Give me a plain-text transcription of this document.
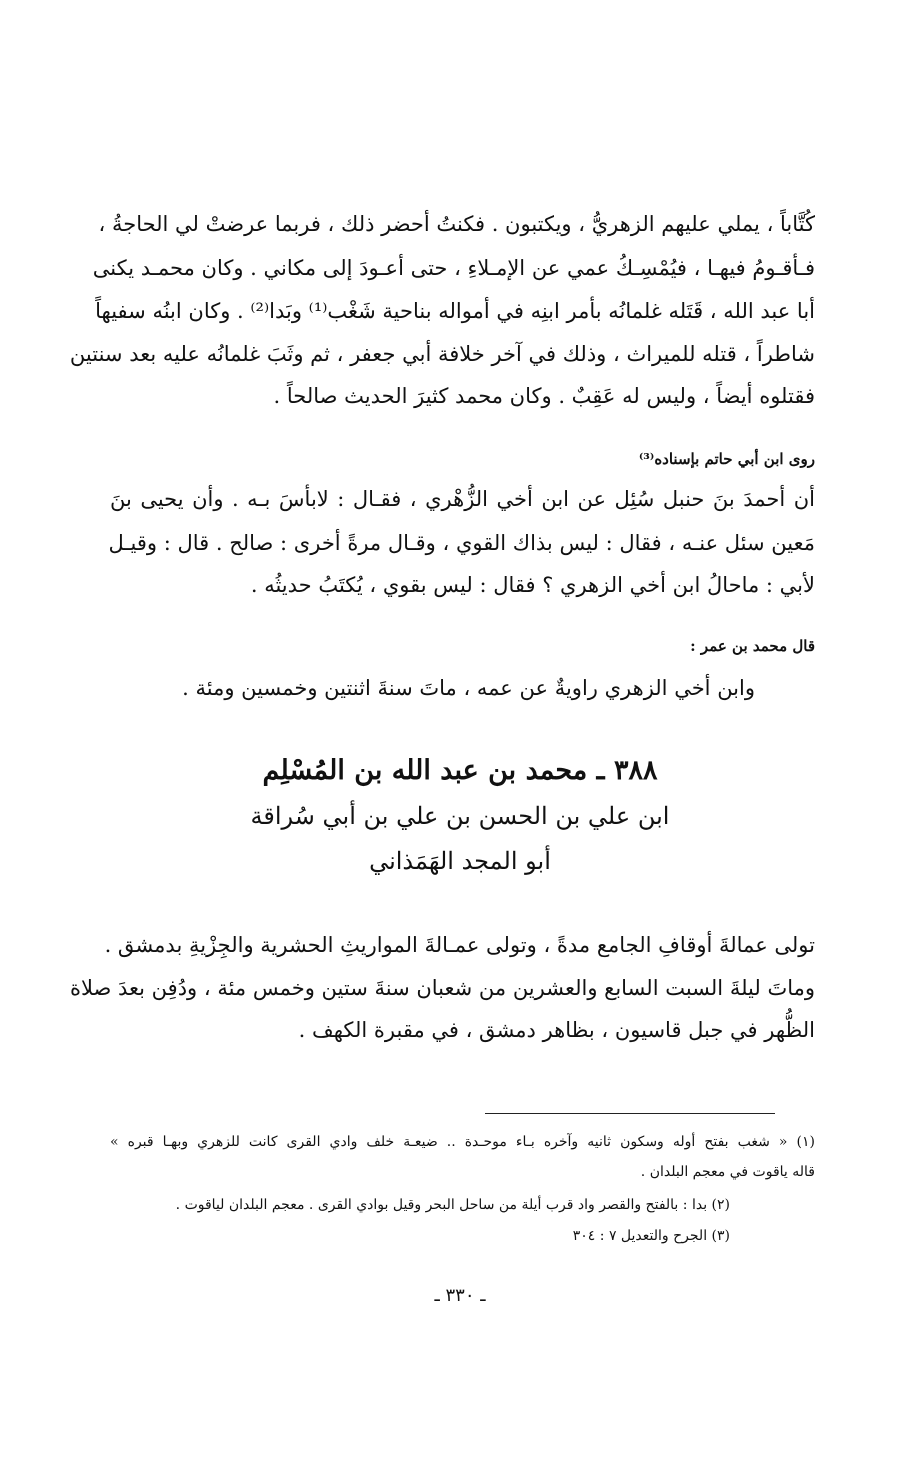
كُتَّاباً ، يملي عليهم الزهريُّ ، ويكتبون . فكنتُ أحضر ذلك ، فربما عرضتْ لي الحاجةُ ،
فـأقـومُ فيهـا ، فيُمْسِـكُ عمي عن الإمـلاءِ ، حتى أعـودَ إلى مكاني . وكان محمـد يكنى
أبا عبد الله ، قَتَله غلمانُه بأمر ابنِه في أمواله بناحية شَغْب⁽¹⁾ وبَدا⁽²⁾ . وكان ابنُه سفيهاً
شاطراً ، قتله للميراث ، وذلك في آخر خلافة أبي جعفر ، ثم وثَبَ غلمانُه عليه بعد سنتين
فقتلوه أيضاً ، وليس له عَقِبٌ . وكان محمد كثيرَ الحديث صالحاً .
روى ابن أبي حاتم بإسناده⁽³⁾
أن أحمدَ بنَ حنبل سُئِل عن ابن أخي الزُّهْري ، فقـال : لابأسَ بـه . وأن يحيى بنَ
مَعين سئل عنـه ، فقال : ليس بذاك القوي ، وقـال مرةً أخرى : صالح . قال : وقيـل
لأبي : ماحالُ ابن أخي الزهري ؟ فقال : ليس بقوي ، يُكتَبُ حديثُه .
قال محمد بن عمر :
وابن أخي الزهري راويةٌ عن عمه ، ماتَ سنةَ اثنتين وخمسين ومئة .
٣٨٨ ـ محمد بن عبد الله بن المُسْلِم
ابن علي بن الحسن بن علي بن أبي سُراقة
أبو المجد الهَمَذاني
تولى عمالةَ أوقافِ الجامع مدةً ، وتولى عمـالةَ المواريثِ الحشرية والجِزْيةِ بدمشق .
وماتَ ليلةَ السبت السابع والعشرين من شعبان سنةَ ستين وخمس مئة ، ودُفِن بعدَ صلاة
الظُّهر في جبل قاسيون ، بظاهر دمشق ، في مقبرة الكهف .
(١) « شغب بفتح أوله وسكون ثانيه وآخره بـاء موحـدة .. ضيعـة خلف وادي القرى كانت للزهري وبهـا قبره »
قاله ياقوت في معجم البلدان .
(٢) بدا : بالفتح والقصر واد قرب أيلة من ساحل البحر وقيل بوادي القرى . معجم البلدان لياقوت .
(٣) الجرح والتعديل ٧ : ٣٠٤
ـ ٣٣٠ ـ
